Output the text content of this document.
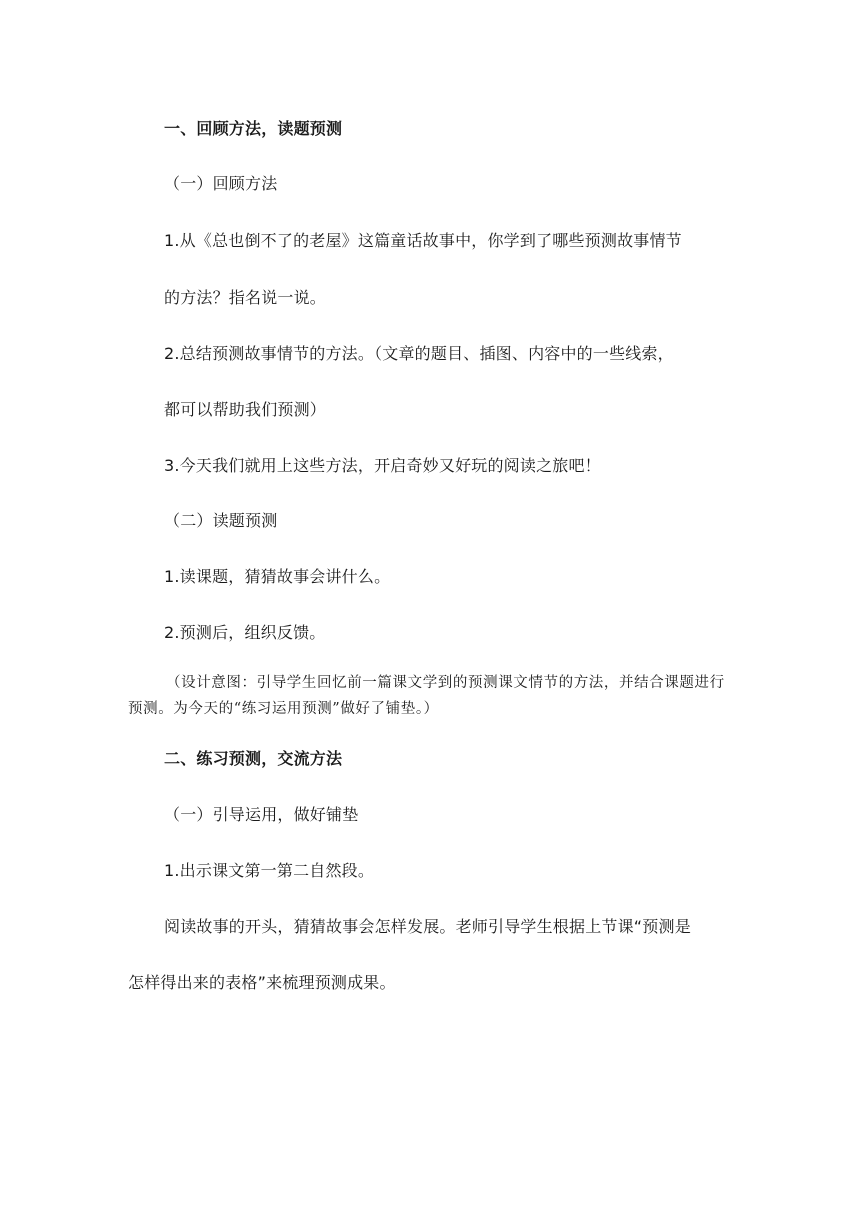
一、回顾方法，读题预测
（一）回顾方法
1.从《总也倒不了的老屋》这篇童话故事中，你学到了哪些预测故事情节
的方法？指名说一说。
2.总结预测故事情节的方法。（文章的题目、插图、内容中的一些线索，
都可以帮助我们预测）
3.今天我们就用上这些方法，开启奇妙又好玩的阅读之旅吧！
（二）读题预测
1.读课题，猜猜故事会讲什么。
2.预测后，组织反馈。
（设计意图：引导学生回忆前一篇课文学到的预测课文情节的方法，并结合课题进行预测。为今天的“练习运用预测”做好了铺垫。）
二、练习预测，交流方法
（一）引导运用，做好铺垫
1.出示课文第一第二自然段。
阅读故事的开头，猜猜故事会怎样发展。老师引导学生根据上节课“预测是
怎样得出来的表格”来梳理预测成果。
